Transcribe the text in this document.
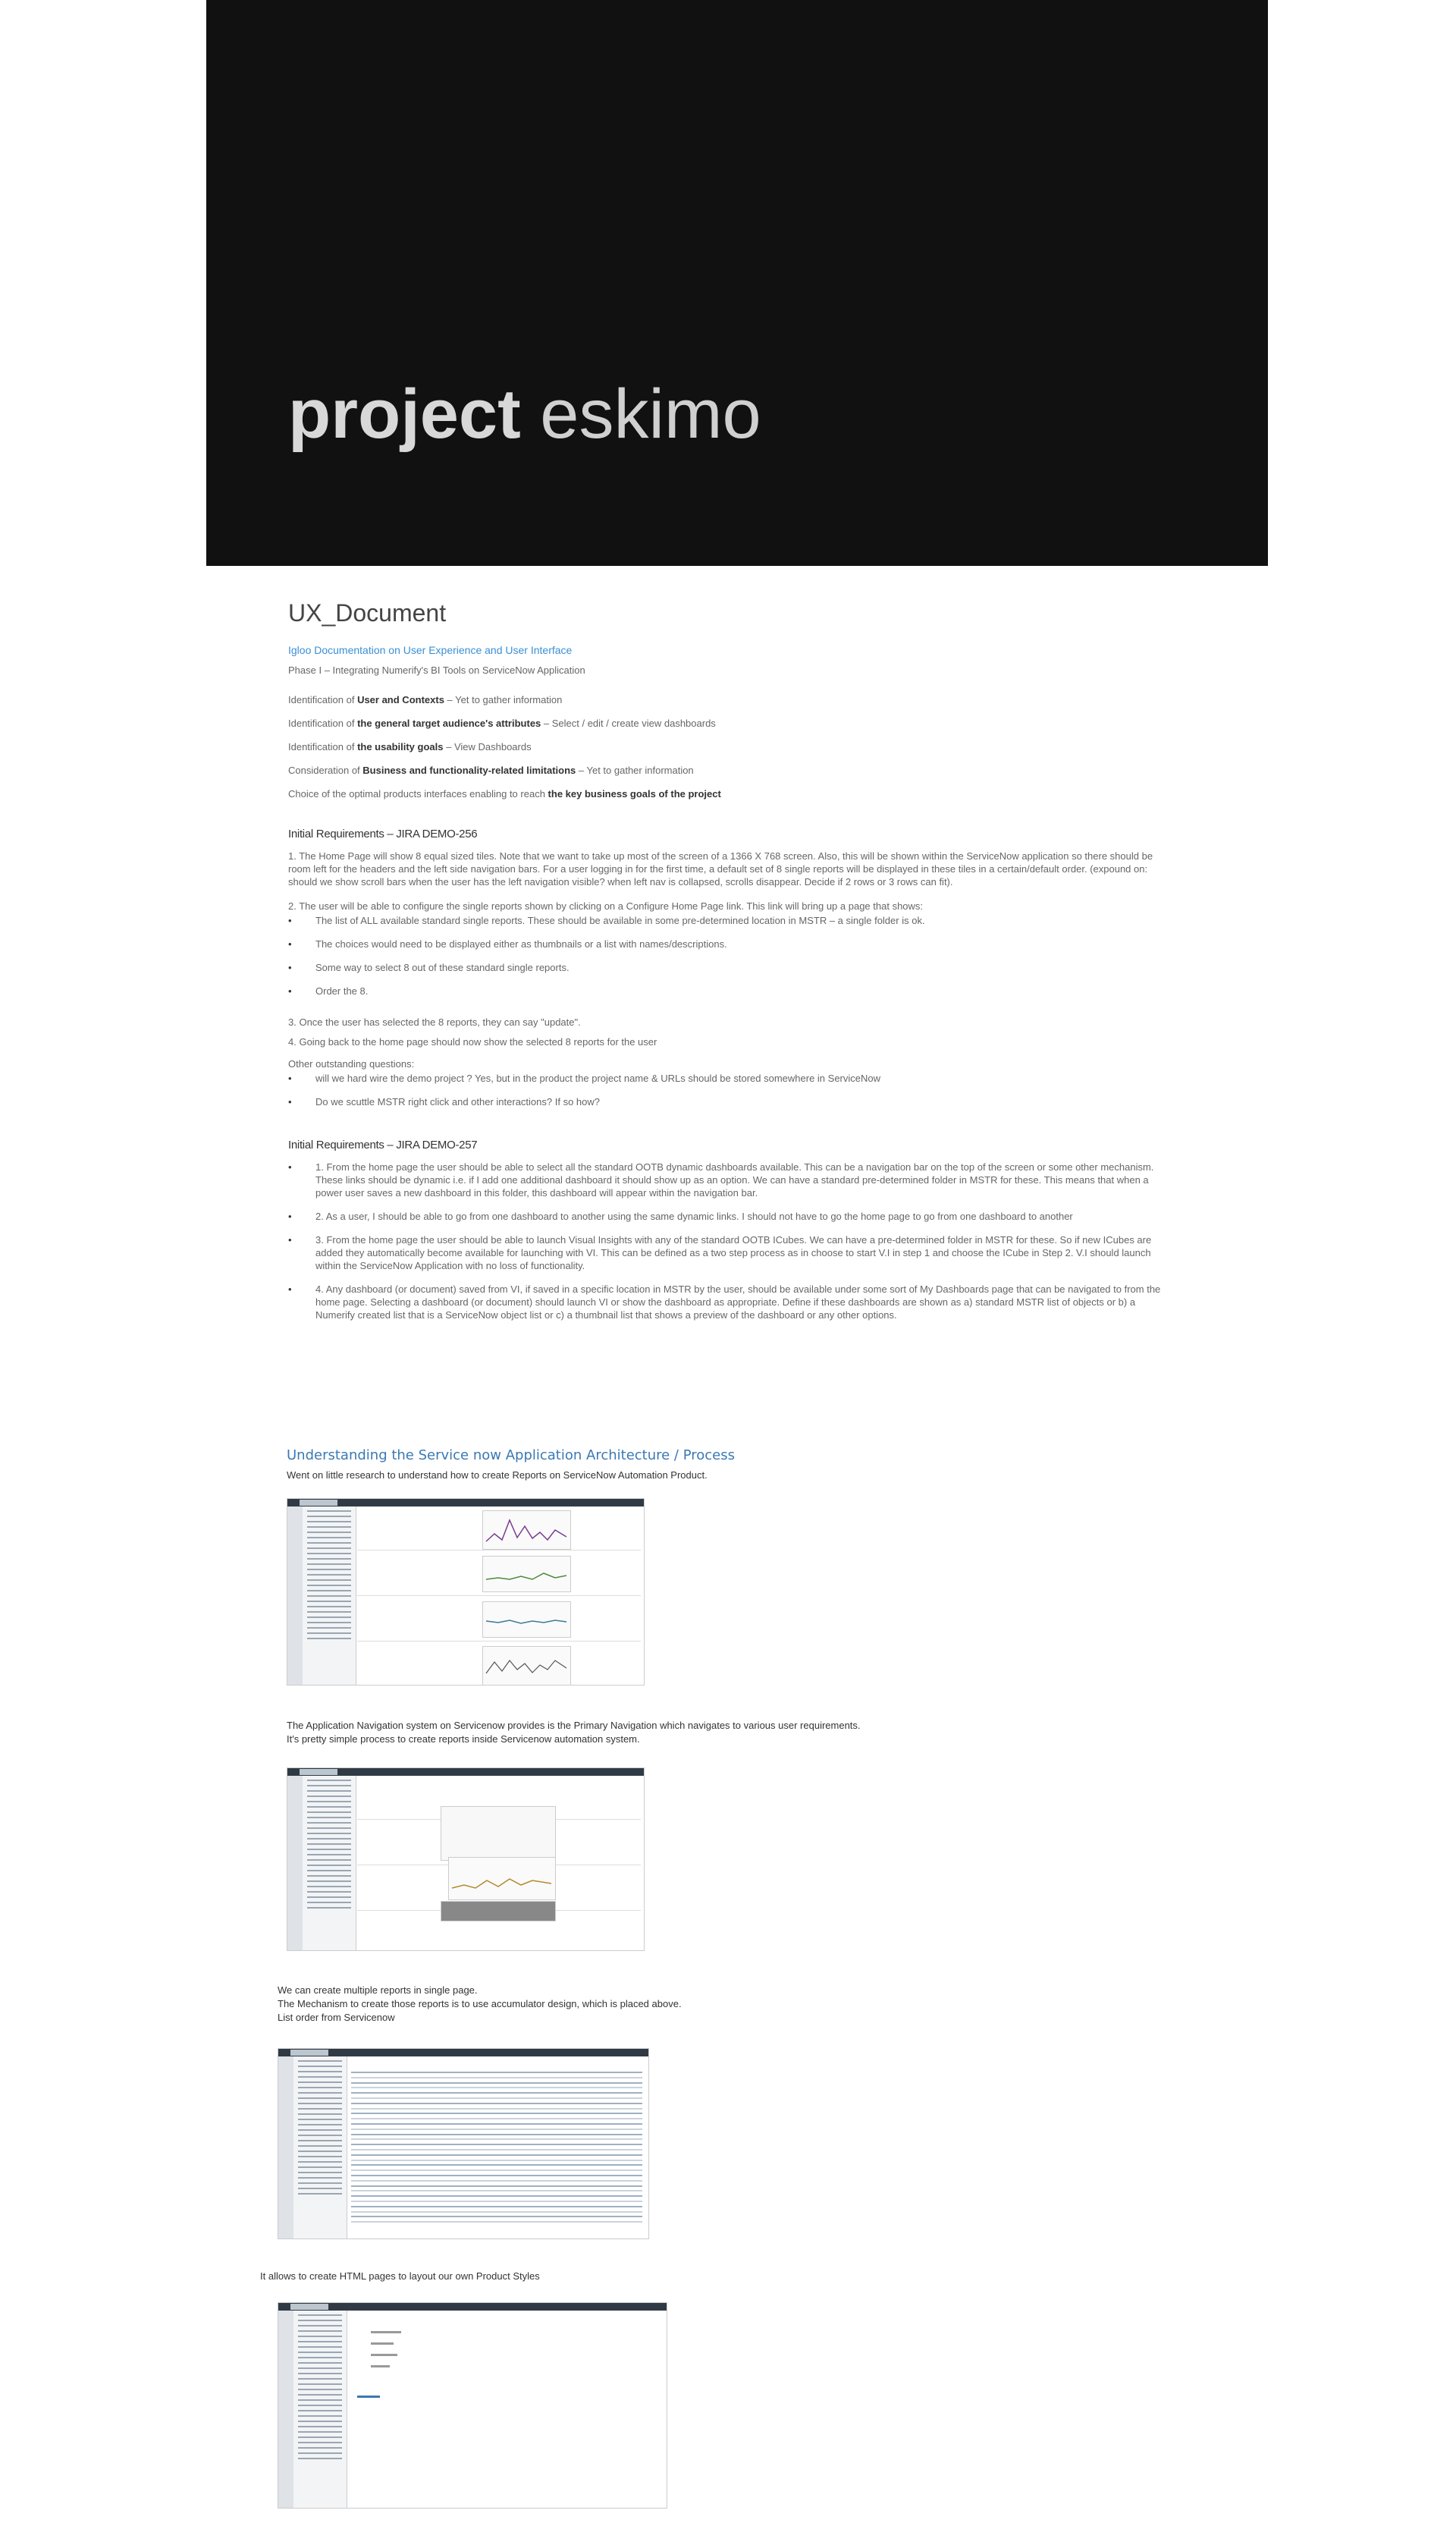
project eskimo
UX_Document
Igloo Documentation on User Experience and User Interface
Phase I – Integrating Numerify's BI Tools on ServiceNow Application
Identification of User and Contexts – Yet to gather information
Identification of the general target audience's attributes – Select / edit / create view dashboards
Identification of the usability goals – View Dashboards
Consideration of Business and functionality-related limitations – Yet to gather information
Choice of the optimal products interfaces enabling to reach the key business goals of the project
Initial Requirements – JIRA DEMO-256
1. The Home Page will show 8 equal sized tiles. Note that we want to take up most of the screen of a 1366 X 768 screen. Also, this will be shown within the ServiceNow application so there should be room left for the headers and the left side navigation bars. For a user logging in for the first time, a default set of 8 single reports will be displayed in these tiles in a certain/default order. (expound on: should we show scroll bars when the user has the left navigation visible? when left nav is collapsed, scrolls disappear. Decide if 2 rows or 3 rows can fit).
2. The user will be able to configure the single reports shown by clicking on a Configure Home Page link. This link will bring up a page that shows:
• The list of ALL available standard single reports. These should be available in some pre-determined location in MSTR – a single folder is ok.
• The choices would need to be displayed either as thumbnails or a list with names/descriptions.
• Some way to select 8 out of these standard single reports.
• Order the 8.
3. Once the user has selected the 8 reports, they can say "update".
4. Going back to the home page should now show the selected 8 reports for the user
Other outstanding questions:
• will we hard wire the demo project ? Yes, but in the product the project name & URLs should be stored somewhere in ServiceNow
• Do we scuttle MSTR right click and other interactions? If so how?
Initial Requirements – JIRA DEMO-257
• 1. From the home page the user should be able to select all the standard OOTB dynamic dashboards available. This can be a navigation bar on the top of the screen or some other mechanism. These links should be dynamic i.e. if I add one additional dashboard it should show up as an option. We can have a standard pre-determined folder in MSTR for these. This means that when a power user saves a new dashboard in this folder, this dashboard will appear within the navigation bar.
• 2. As a user, I should be able to go from one dashboard to another using the same dynamic links. I should not have to go the home page to go from one dashboard to another
• 3. From the home page the user should be able to launch Visual Insights with any of the standard OOTB ICubes. We can have a pre-determined folder in MSTR for these. So if new ICubes are added they automatically become available for launching with VI. This can be defined as a two step process as in choose to start V.I in step 1 and choose the ICube in Step 2. V.I should launch within the ServiceNow Application with no loss of functionality.
• 4. Any dashboard (or document) saved from VI, if saved in a specific location in MSTR by the user, should be available under some sort of My Dashboards page that can be navigated to from the home page. Selecting a dashboard (or document) should launch VI or show the dashboard as appropriate. Define if these dashboards are shown as a) standard MSTR list of objects or b) a Numerify created list that is a ServiceNow object list or c) a thumbnail list that shows a preview of the dashboard or any other options.
Understanding the Service now Application Architecture / Process
Went on little research to understand how to create Reports on ServiceNow Automation Product.
The Application Navigation system on Servicenow provides is the Primary Navigation which navigates to various user requirements.
It's pretty simple process to create reports inside Servicenow automation system.
We can create multiple reports in single page.
The Mechanism to create those reports is to use accumulator design, which is placed above.
List order from Servicenow
It allows to create HTML pages to layout our own Product Styles
